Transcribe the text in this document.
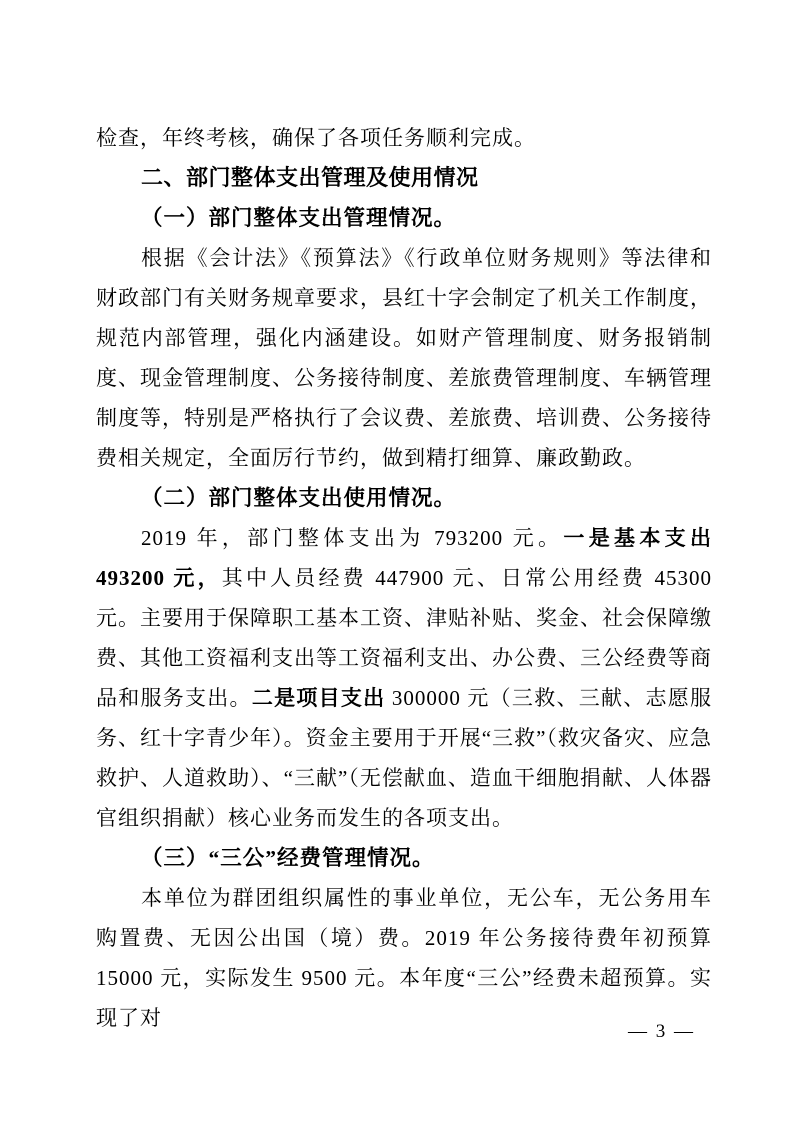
检查，年终考核，确保了各项任务顺利完成。

二、部门整体支出管理及使用情况

（一）部门整体支出管理情况。

根据《会计法》《预算法》《行政单位财务规则》等法律和财政部门有关财务规章要求，县红十字会制定了机关工作制度，规范内部管理，强化内涵建设。如财产管理制度、财务报销制度、现金管理制度、公务接待制度、差旅费管理制度、车辆管理制度等，特别是严格执行了会议费、差旅费、培训费、公务接待费相关规定，全面厉行节约，做到精打细算、廉政勤政。

（二）部门整体支出使用情况。

2019 年，部门整体支出为 793200 元。一是基本支出 493200 元，其中人员经费 447900 元、日常公用经费 45300 元。主要用于保障职工基本工资、津贴补贴、奖金、社会保障缴费、其他工资福利支出等工资福利支出、办公费、三公经费等商品和服务支出。二是项目支出 300000 元（三救、三献、志愿服务、红十字青少年）。资金主要用于开展“三救”（救灾备灾、应急救护、人道救助）、“三献”（无偿献血、造血干细胞捐献、人体器官组织捐献）核心业务而发生的各项支出。

（三）“三公”经费管理情况。

本单位为群团组织属性的事业单位，无公车，无公务用车购置费、无因公出国（境）费。2019 年公务接待费年初预算 15000 元，实际发生 9500 元。本年度“三公”经费未超预算。实现了对

— 3 —
